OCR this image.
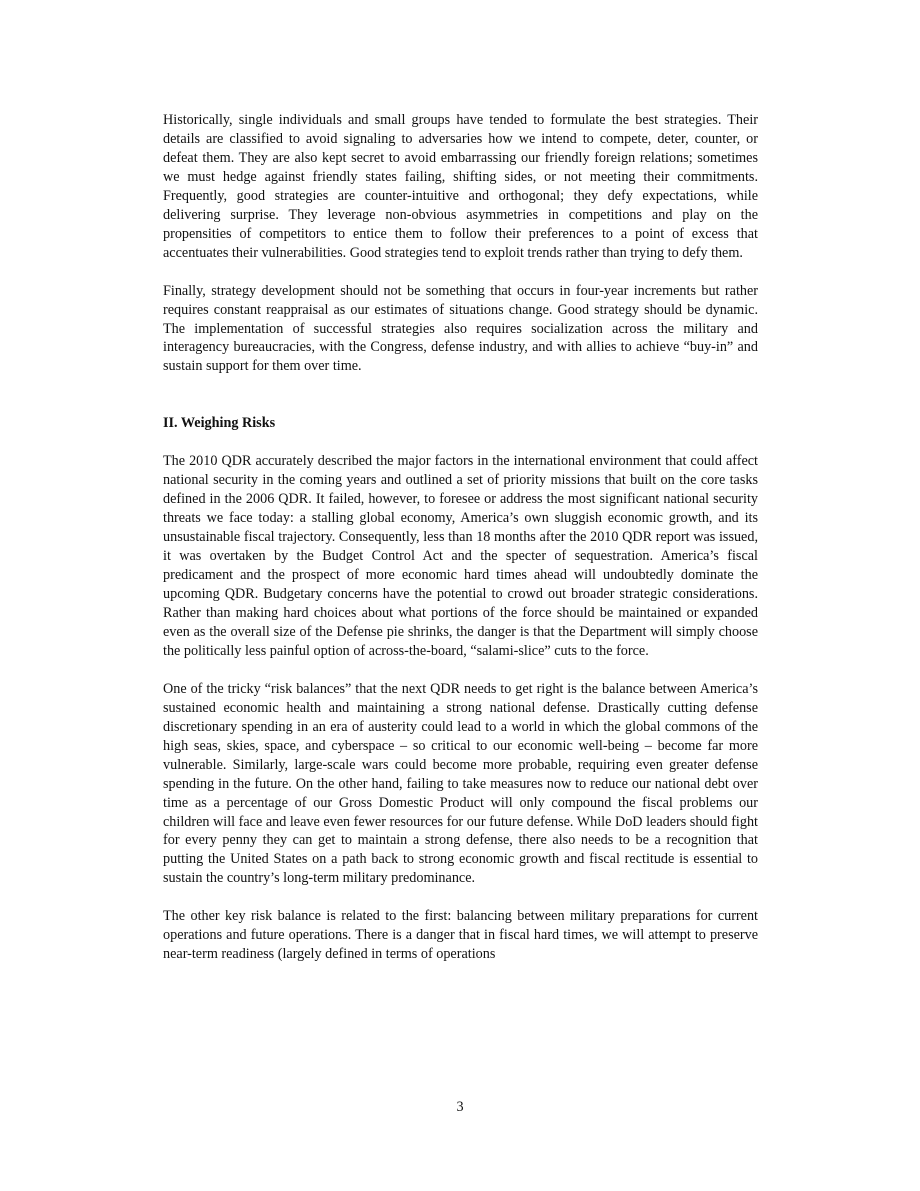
Historically, single individuals and small groups have tended to formulate the best strategies. Their details are classified to avoid signaling to adversaries how we intend to compete, deter, counter, or defeat them. They are also kept secret to avoid embarrassing our friendly foreign relations; sometimes we must hedge against friendly states failing, shifting sides, or not meeting their commitments. Frequently, good strategies are counter-intuitive and orthogonal; they defy expectations, while delivering surprise. They leverage non-obvious asymmetries in competitions and play on the propensities of competitors to entice them to follow their preferences to a point of excess that accentuates their vulnerabilities. Good strategies tend to exploit trends rather than trying to defy them.

Finally, strategy development should not be something that occurs in four-year increments but rather requires constant reappraisal as our estimates of situations change. Good strategy should be dynamic. The implementation of successful strategies also requires socialization across the military and interagency bureaucracies, with the Congress, defense industry, and with allies to achieve “buy-in” and sustain support for them over time.

II. Weighing Risks

The 2010 QDR accurately described the major factors in the international environment that could affect national security in the coming years and outlined a set of priority missions that built on the core tasks defined in the 2006 QDR. It failed, however, to foresee or address the most significant national security threats we face today: a stalling global economy, America’s own sluggish economic growth, and its unsustainable fiscal trajectory. Consequently, less than 18 months after the 2010 QDR report was issued, it was overtaken by the Budget Control Act and the specter of sequestration. America’s fiscal predicament and the prospect of more economic hard times ahead will undoubtedly dominate the upcoming QDR. Budgetary concerns have the potential to crowd out broader strategic considerations. Rather than making hard choices about what portions of the force should be maintained or expanded even as the overall size of the Defense pie shrinks, the danger is that the Department will simply choose the politically less painful option of across-the-board, “salami-slice” cuts to the force.

One of the tricky “risk balances” that the next QDR needs to get right is the balance between America’s sustained economic health and maintaining a strong national defense. Drastically cutting defense discretionary spending in an era of austerity could lead to a world in which the global commons of the high seas, skies, space, and cyberspace – so critical to our economic well-being – become far more vulnerable. Similarly, large-scale wars could become more probable, requiring even greater defense spending in the future. On the other hand, failing to take measures now to reduce our national debt over time as a percentage of our Gross Domestic Product will only compound the fiscal problems our children will face and leave even fewer resources for our future defense. While DoD leaders should fight for every penny they can get to maintain a strong defense, there also needs to be a recognition that putting the United States on a path back to strong economic growth and fiscal rectitude is essential to sustain the country’s long-term military predominance.

The other key risk balance is related to the first: balancing between military preparations for current operations and future operations. There is a danger that in fiscal hard times, we will attempt to preserve near-term readiness (largely defined in terms of operations

3
